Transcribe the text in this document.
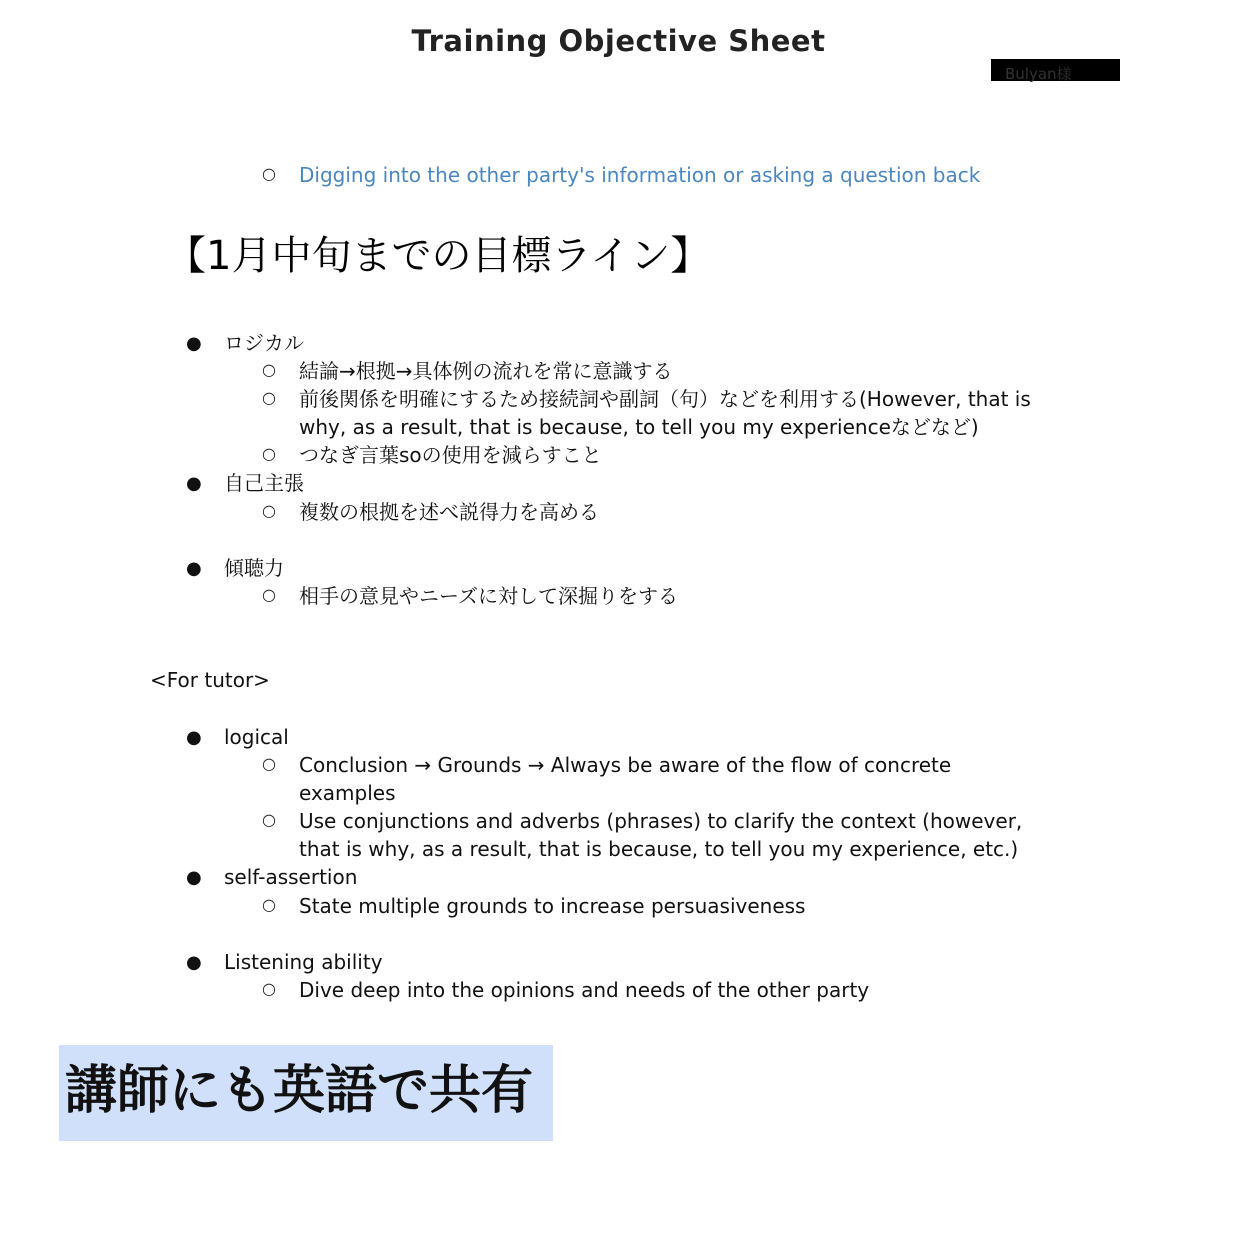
Training Objective Sheet
Bulyan様
○ Digging into the other party's information or asking a question back
【1月中旬までの目標ライン】
● ロジカル
○ 結論→根拠→具体例の流れを常に意識する
○ 前後関係を明確にするため接続詞や副詞（句）などを利用する(However, that is
why, as a result, that is because, to tell you my experienceなどなど)
○ つなぎ言葉soの使用を減らすこと
● 自己主張
○ 複数の根拠を述べ説得力を高める
● 傾聴力
○ 相手の意見やニーズに対して深掘りをする
<For tutor>
● logical
○ Conclusion → Grounds → Always be aware of the flow of concrete
examples
○ Use conjunctions and adverbs (phrases) to clarify the context (however,
that is why, as a result, that is because, to tell you my experience, etc.)
● self-assertion
○ State multiple grounds to increase persuasiveness
● Listening ability
○ Dive deep into the opinions and needs of the other party
講師にも英語で共有
